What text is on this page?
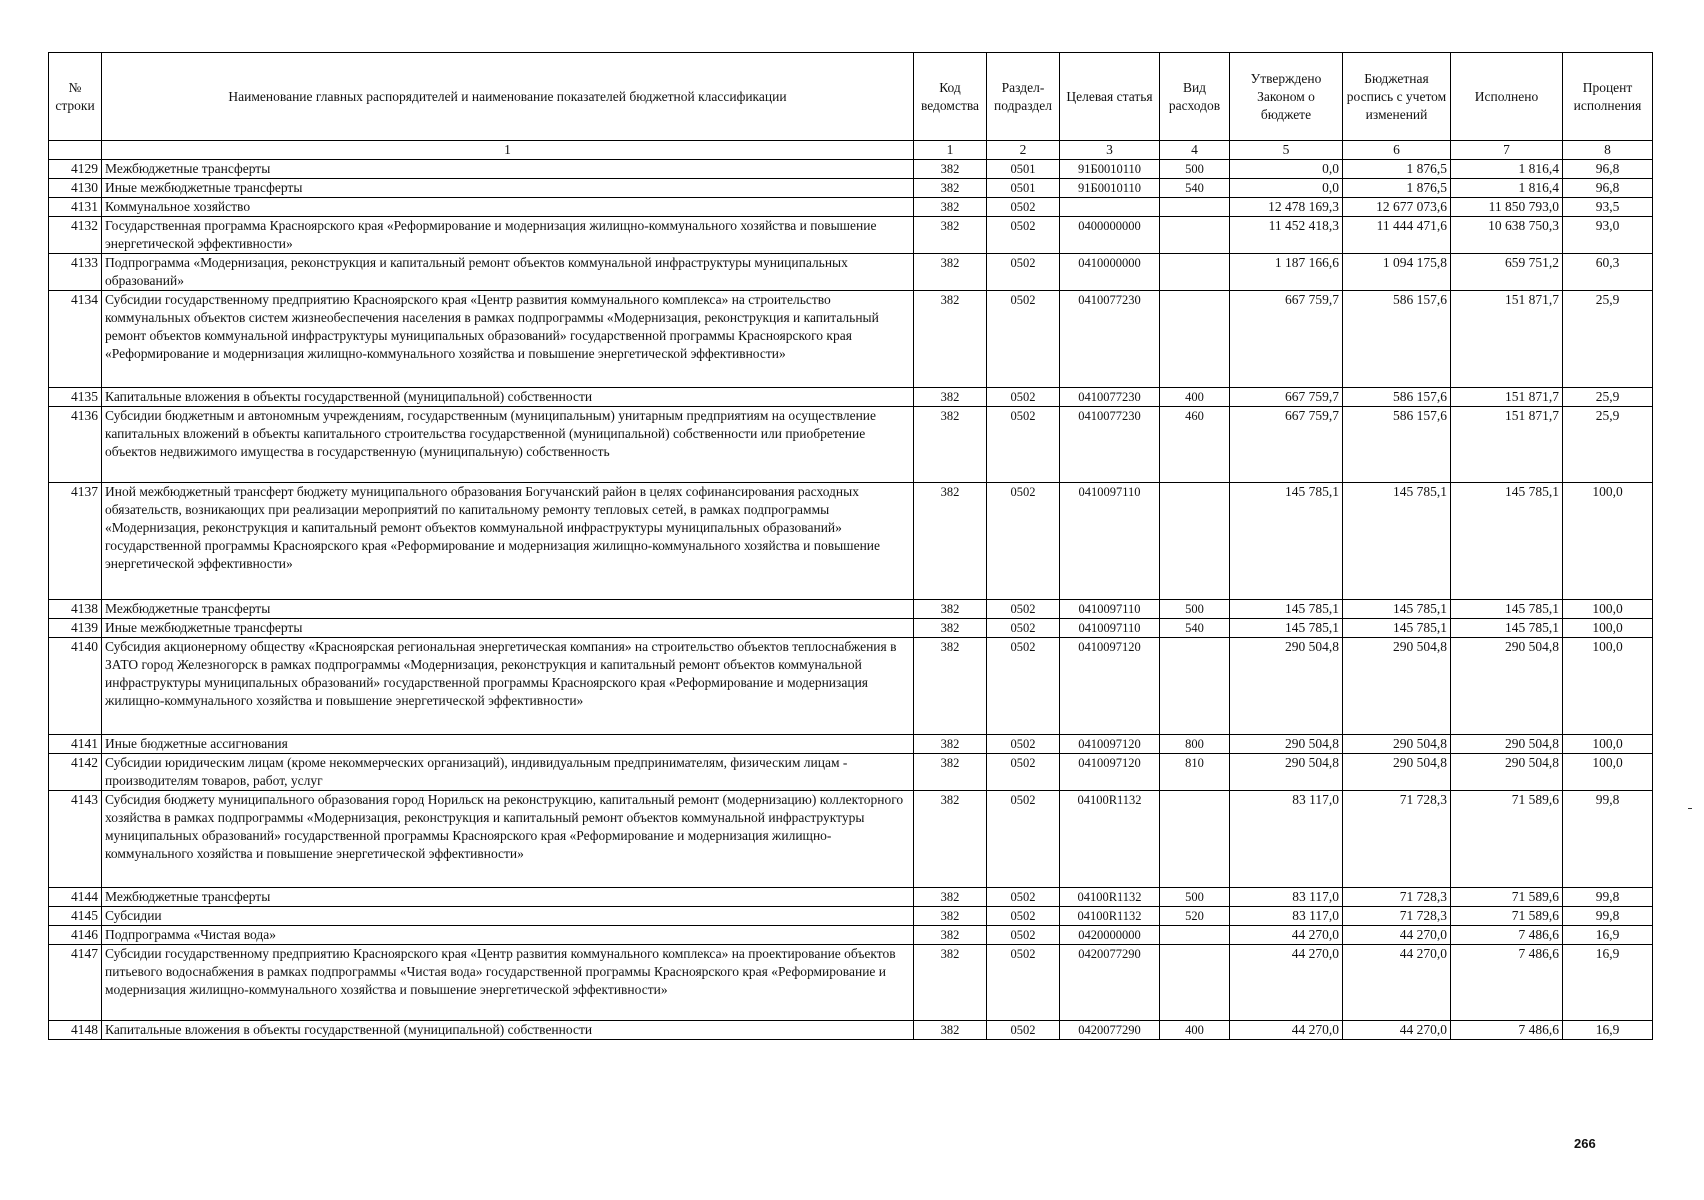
№ строки	Наименование главных распорядителей и наименование показателей бюджетной классификации	Код ведомства	Раздел-подраздел	Целевая статья	Вид расходов	Утверждено Законом о бюджете	Бюджетная роспись с учетом изменений	Исполнено	Процент исполнения
	1	1	2	3	4	5	6	7	8
4129	Межбюджетные трансферты	382	0501	91Б0010110	500	0,0	1 876,5	1 816,4	96,8
4130	Иные межбюджетные трансферты	382	0501	91Б0010110	540	0,0	1 876,5	1 816,4	96,8
4131	Коммунальное хозяйство	382	0502			12 478 169,3	12 677 073,6	11 850 793,0	93,5
4132	Государственная программа Красноярского края «Реформирование и модернизация жилищно-коммунального хозяйства и повышение энергетической эффективности»	382	0502	0400000000		11 452 418,3	11 444 471,6	10 638 750,3	93,0
4133	Подпрограмма «Модернизация, реконструкция и капитальный ремонт объектов коммунальной инфраструктуры муниципальных образований»	382	0502	0410000000		1 187 166,6	1 094 175,8	659 751,2	60,3
4134	Субсидии государственному предприятию Красноярского края «Центр развития коммунального комплекса» на строительство коммунальных объектов систем жизнеобеспечения населения в рамках подпрограммы «Модернизация, реконструкция и капитальный ремонт объектов коммунальной инфраструктуры муниципальных образований» государственной программы Красноярского края «Реформирование и модернизация жилищно-коммунального хозяйства и повышение энергетической эффективности»	382	0502	0410077230		667 759,7	586 157,6	151 871,7	25,9
4135	Капитальные вложения в объекты государственной (муниципальной) собственности	382	0502	0410077230	400	667 759,7	586 157,6	151 871,7	25,9
4136	Субсидии бюджетным и автономным учреждениям, государственным (муниципальным) унитарным предприятиям на осуществление капитальных вложений в объекты капитального строительства государственной (муниципальной) собственности или приобретение объектов недвижимого имущества в государственную (муниципальную) собственность	382	0502	0410077230	460	667 759,7	586 157,6	151 871,7	25,9
4137	Иной межбюджетный трансферт бюджету муниципального образования Богучанский район в целях софинансирования расходных обязательств, возникающих при реализации мероприятий по капитальному ремонту тепловых сетей, в рамках подпрограммы «Модернизация, реконструкция и капитальный ремонт объектов коммунальной инфраструктуры муниципальных образований» государственной программы Красноярского края «Реформирование и модернизация жилищно-коммунального хозяйства и повышение энергетической эффективности»	382	0502	0410097110		145 785,1	145 785,1	145 785,1	100,0
4138	Межбюджетные трансферты	382	0502	0410097110	500	145 785,1	145 785,1	145 785,1	100,0
4139	Иные межбюджетные трансферты	382	0502	0410097110	540	145 785,1	145 785,1	145 785,1	100,0
4140	Субсидия акционерному обществу «Красноярская региональная энергетическая компания» на строительство объектов теплоснабжения в ЗАТО город Железногорск в рамках подпрограммы «Модернизация, реконструкция и капитальный ремонт объектов коммунальной инфраструктуры муниципальных образований» государственной программы Красноярского края «Реформирование и модернизация жилищно-коммунального хозяйства и повышение энергетической эффективности»	382	0502	0410097120		290 504,8	290 504,8	290 504,8	100,0
4141	Иные бюджетные ассигнования	382	0502	0410097120	800	290 504,8	290 504,8	290 504,8	100,0
4142	Субсидии юридическим лицам (кроме некоммерческих организаций), индивидуальным предпринимателям, физическим лицам - производителям товаров, работ, услуг	382	0502	0410097120	810	290 504,8	290 504,8	290 504,8	100,0
4143	Субсидия бюджету муниципального образования город Норильск на реконструкцию, капитальный ремонт (модернизацию) коллекторного хозяйства в рамках подпрограммы «Модернизация, реконструкция и капитальный ремонт объектов коммунальной инфраструктуры муниципальных образований» государственной программы Красноярского края «Реформирование и модернизация жилищно-коммунального хозяйства и повышение энергетической эффективности»	382	0502	04100R1132		83 117,0	71 728,3	71 589,6	99,8
4144	Межбюджетные трансферты	382	0502	04100R1132	500	83 117,0	71 728,3	71 589,6	99,8
4145	Субсидии	382	0502	04100R1132	520	83 117,0	71 728,3	71 589,6	99,8
4146	Подпрограмма «Чистая вода»	382	0502	0420000000		44 270,0	44 270,0	7 486,6	16,9
4147	Субсидии государственному предприятию Красноярского края «Центр развития коммунального комплекса» на проектирование объектов питьевого водоснабжения в рамках подпрограммы «Чистая вода» государственной программы Красноярского края «Реформирование и модернизация жилищно-коммунального хозяйства и повышение энергетической эффективности»	382	0502	0420077290		44 270,0	44 270,0	7 486,6	16,9
4148	Капитальные вложения в объекты государственной (муниципальной) собственности	382	0502	0420077290	400	44 270,0	44 270,0	7 486,6	16,9
266
